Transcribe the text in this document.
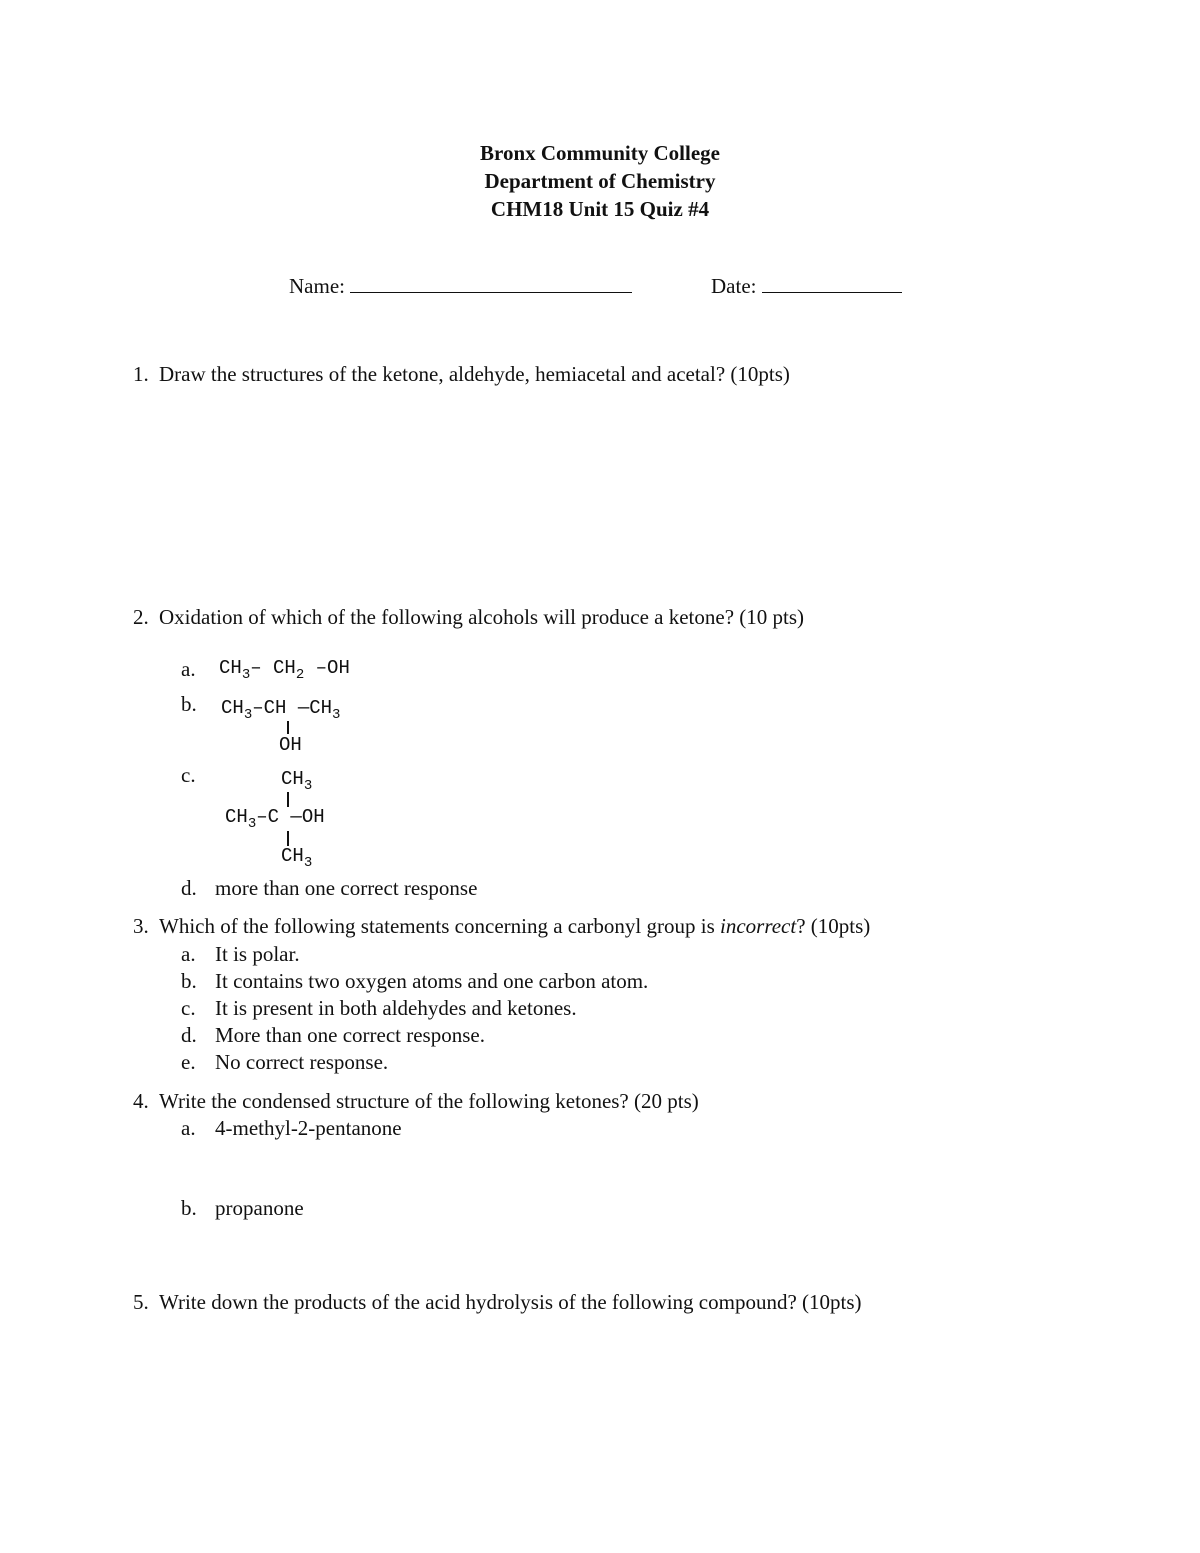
Bronx Community College
Department of Chemistry
CHM18 Unit 15 Quiz #4
Name:	Date:
1. Draw the structures of the ketone, aldehyde, hemiacetal and acetal? (10pts)
2. Oxidation of which of the following alcohols will produce a ketone? (10 pts)
a. $CH_3-$ $CH_2$ –OH
b. $CH_3-CH$ $—CH_3$
OH
c.	$CH_3$
$CH_3-C$ —OH
$CH_3$
d. more than one correct response
3. Which of the following statements concerning a carbonyl group is incorrect? (10pts)
a. It is polar.
b. It contains two oxygen atoms and one carbon atom.
c. It is present in both aldehydes and ketones.
d. More than one correct response.
e. No correct response.
4. Write the condensed structure of the following ketones? (20 pts)
a. 4-methyl-2-pentanone
b. propanone
5. Write down the products of the acid hydrolysis of the following compound? (10pts)
